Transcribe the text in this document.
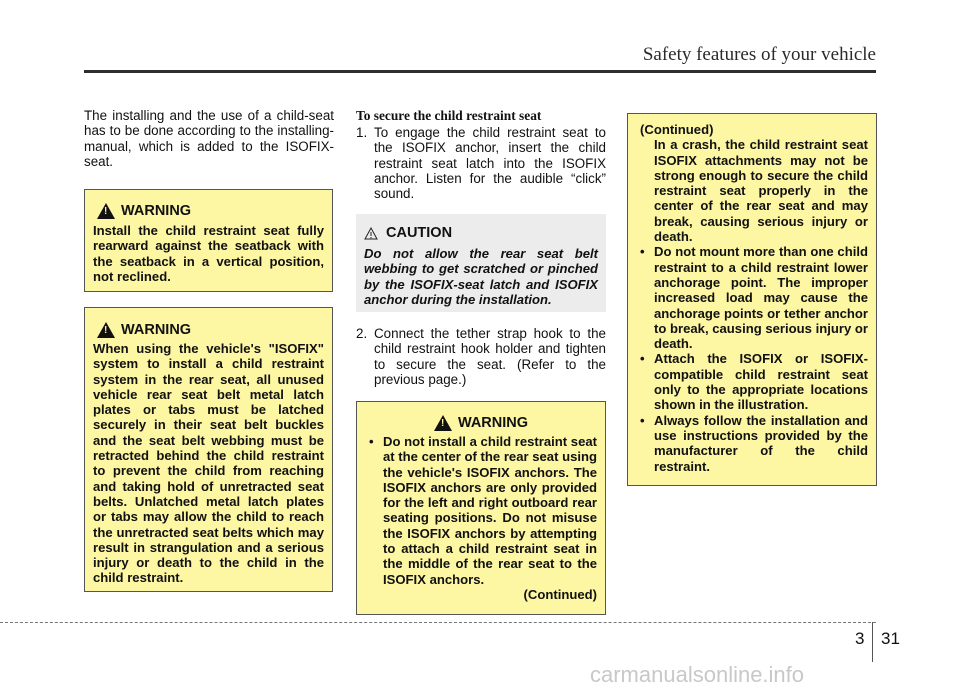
Safety features of your vehicle
The installing and the use of a child-seat has to be done according to the installing-manual, which is added to the ISOFIX-seat.
!
WARNING
Install the child restraint seat fully rearward against the seatback with the seatback in a vertical position, not reclined.
!
WARNING
When using the vehicle's "ISOFIX" system to install a child restraint system in the rear seat, all unused vehicle rear seat belt metal latch plates or tabs must be latched securely in their seat belt buckles and the seat belt webbing must be retracted behind the child restraint to prevent the child from reaching and taking hold of unretracted seat belts. Unlatched metal latch plates or tabs may allow the child to reach the unretracted seat belts which may result in strangulation and a serious injury or death to the child in the child restraint.
To secure the child restraint seat
1. To engage the child restraint seat to the ISOFIX anchor, insert the child restraint seat latch into the ISOFIX anchor. Listen for the audible “click” sound.
CAUTION
Do not allow the rear seat belt webbing to get scratched or pinched by the ISOFIX-seat latch and ISOFIX anchor during the installation.
2. Connect the tether strap hook to the child restraint hook holder and tighten to secure the seat. (Refer to the previous page.)
!
WARNING
• Do not install a child restraint seat at the center of the rear seat using the vehicle's ISOFIX anchors. The ISOFIX anchors are only provided for the left and right outboard rear seating positions. Do not misuse the ISOFIX anchors by attempting to attach a child restraint seat in the middle of the rear seat to the ISOFIX anchors.
(Continued)
(Continued)
In a crash, the child restraint seat ISOFIX attachments may not be strong enough to secure the child restraint seat properly in the center of the rear seat and may break, causing serious injury or death.
• Do not mount more than one child restraint to a child restraint lower anchorage point. The improper increased load may cause the anchorage points or tether anchor to break, causing serious injury or death.
• Attach the ISOFIX or ISOFIX-compatible child restraint seat only to the appropriate locations shown in the illustration.
• Always follow the installation and use instructions provided by the manufacturer of the child restraint.
3 31
carmanualsonline.info
